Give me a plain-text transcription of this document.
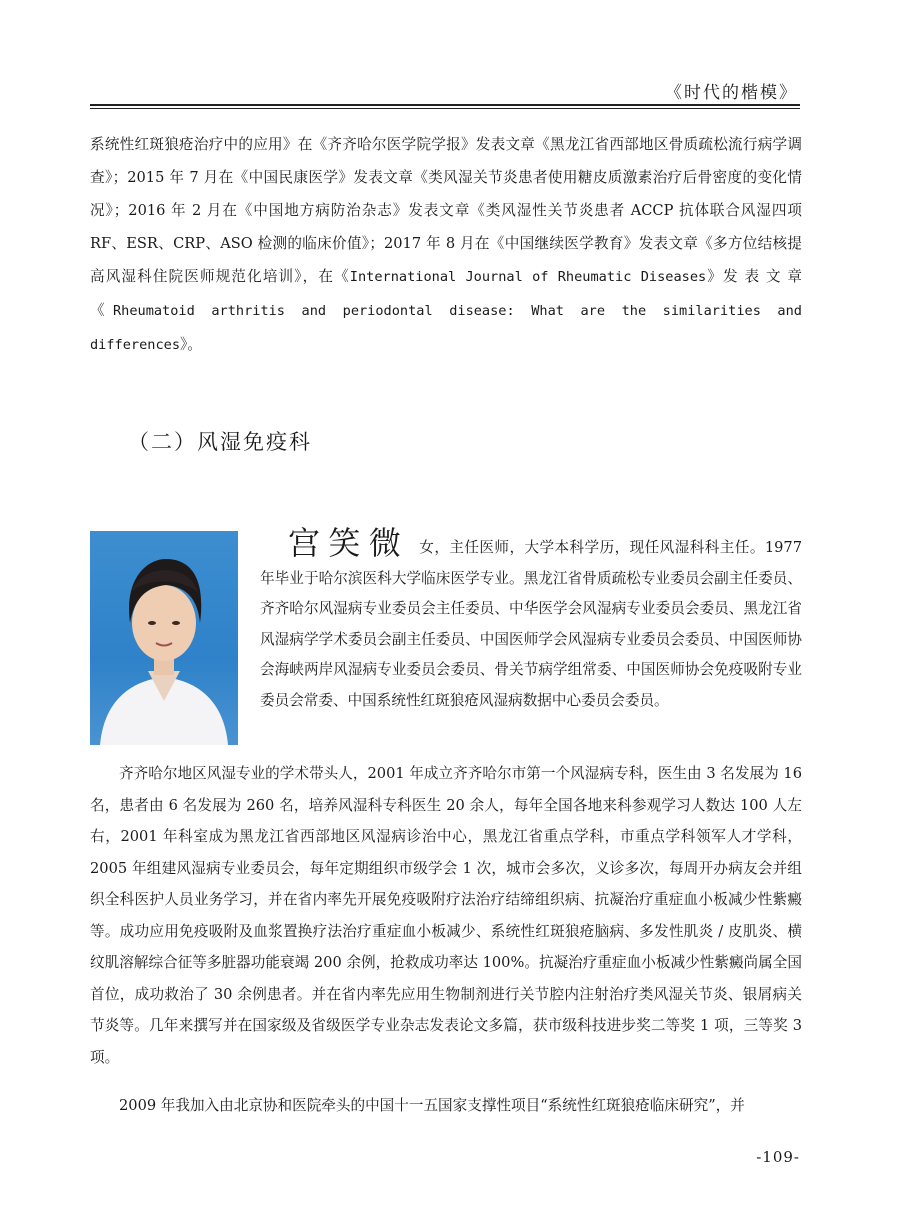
《时代的楷模》
系统性红斑狼疮治疗中的应用》在《齐齐哈尔医学院学报》发表文章《黑龙江省西部地区骨质疏松流行病学调查》；2015 年 7 月在《中国民康医学》发表文章《类风湿关节炎患者使用糖皮质激素治疗后骨密度的变化情况》；2016 年 2 月在《中国地方病防治杂志》发表文章《类风湿性关节炎患者 ACCP 抗体联合风湿四项 RF、ESR、CRP、ASO 检测的临床价值》；2017 年 8 月在《中国继续医学教育》发表文章《多方位结核提高风湿科住院医师规范化培训》，在《International Journal of Rheumatic Diseases》发 表 文 章《Rheumatoid arthritis and periodontal disease: What are the similarities and differences》。
（二）风湿免疫科
宫笑微 女，主任医师，大学本科学历，现任风湿科科主任。1977 年毕业于哈尔滨医科大学临床医学专业。黑龙江省骨质疏松专业委员会副主任委员、齐齐哈尔风湿病专业委员会主任委员、中华医学会风湿病专业委员会委员、黑龙江省风湿病学学术委员会副主任委员、中国医师学会风湿病专业委员会委员、中国医师协会海峡两岸风湿病专业委员会委员、骨关节病学组常委、中国医师协会免疫吸附专业委员会常委、中国系统性红斑狼疮风湿病数据中心委员会委员。
齐齐哈尔地区风湿专业的学术带头人，2001 年成立齐齐哈尔市第一个风湿病专科，医生由 3 名发展为 16 名，患者由 6 名发展为 260 名，培养风湿科专科医生 20 余人，每年全国各地来科参观学习人数达 100 人左右，2001 年科室成为黑龙江省西部地区风湿病诊治中心，黑龙江省重点学科，市重点学科领军人才学科，2005 年组建风湿病专业委员会，每年定期组织市级学会 1 次，城市会多次，义诊多次，每周开办病友会并组织全科医护人员业务学习，并在省内率先开展免疫吸附疗法治疗结缔组织病、抗凝治疗重症血小板减少性紫癜等。成功应用免疫吸附及血浆置换疗法治疗重症血小板减少、系统性红斑狼疮脑病、多发性肌炎 / 皮肌炎、横纹肌溶解综合征等多脏器功能衰竭 200 余例，抢救成功率达 100%。抗凝治疗重症血小板减少性紫癜尚属全国首位，成功救治了 30 余例患者。并在省内率先应用生物制剂进行关节腔内注射治疗类风湿关节炎、银屑病关节炎等。几年来撰写并在国家级及省级医学专业杂志发表论文多篇，获市级科技进步奖二等奖 1 项，三等奖 3 项。
2009 年我加入由北京协和医院牵头的中国十一五国家支撑性项目“系统性红斑狼疮临床研究”，并
-109-
